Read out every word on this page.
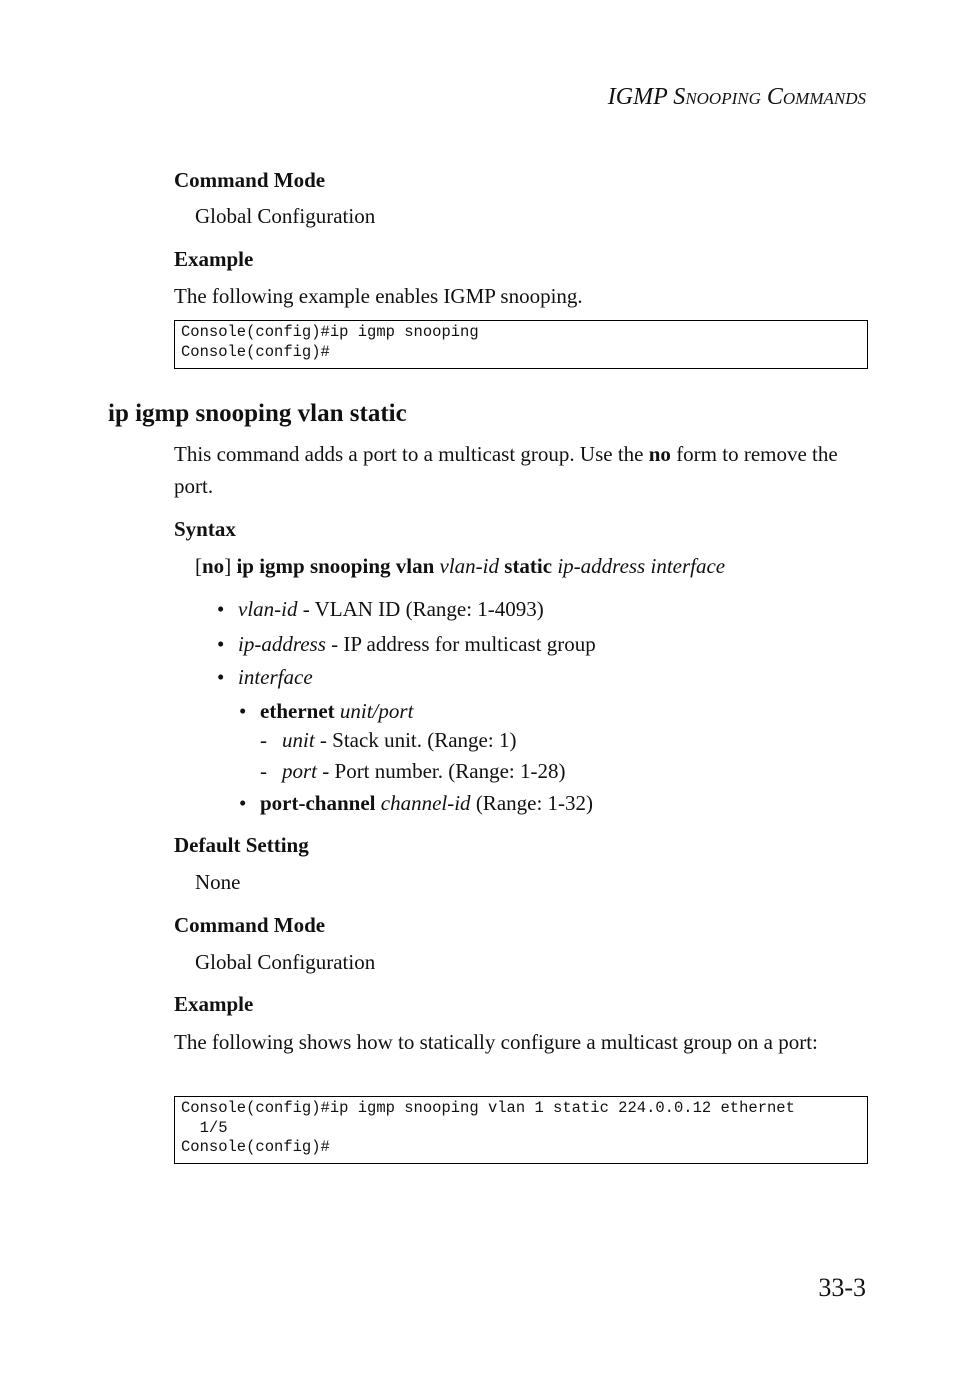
IGMP SNOOPING COMMANDS
Command Mode
Global Configuration
Example
The following example enables IGMP snooping.
Console(config)#ip igmp snooping
Console(config)#
ip igmp snooping vlan static
This command adds a port to a multicast group. Use the no form to remove the port.
Syntax
[no] ip igmp snooping vlan vlan-id static ip-address interface
• vlan-id - VLAN ID (Range: 1-4093)
• ip-address - IP address for multicast group
• interface
• ethernet unit/port
- unit - Stack unit. (Range: 1)
- port - Port number. (Range: 1-28)
• port-channel channel-id (Range: 1-32)
Default Setting
None
Command Mode
Global Configuration
Example
The following shows how to statically configure a multicast group on a port:
Console(config)#ip igmp snooping vlan 1 static 224.0.0.12 ethernet
1/5
Console(config)#
33-3
